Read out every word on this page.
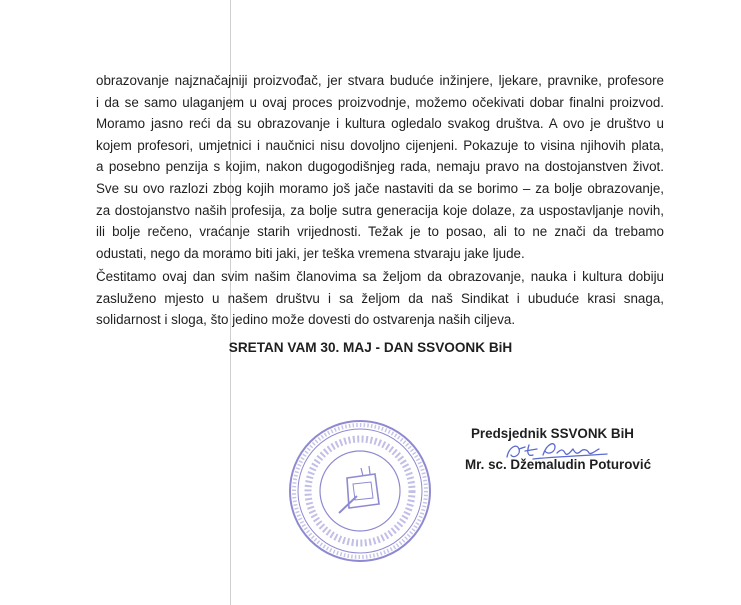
obrazovanje najznačajniji proizvođač, jer stvara buduće inžinjere, ljekare, pravnike, profesore
i da se samo ulaganjem u ovaj proces proizvodnje, možemo očekivati dobar finalni proizvod.
Moramo jasno reći da su obrazovanje i kultura ogledalo svakog društva. A ovo je društvo u
kojem profesori, umjetnici i naučnici nisu dovoljno cijenjeni. Pokazuje to visina njihovih plata,
a posebno penzija s kojim, nakon dugogodišnjeg rada, nemaju pravo na dostojanstven život.
Sve su ovo razlozi zbog kojih moramo još jače nastaviti da se borimo – za bolje obrazovanje,
za dostojanstvo naših profesija, za bolje sutra generacija koje dolaze, za uspostavljanje novih,
ili bolje rečeno, vraćanje starih vrijednosti. Težak je to posao, ali to ne znači da trebamo
odustati, nego da moramo biti jaki, jer teška vremena stvaraju jake ljude.
Čestitamo ovaj dan svim našim članovima sa željom da obrazovanje, nauka i kultura dobiju
zasluženo mjesto u našem društvu i sa željom da naš Sindikat i ubuduće krasi snaga,
solidarnost i sloga, što jedino može dovesti do ostvarenja naših ciljeva.
SRETAN VAM 30. MAJ - DAN SSVOONK BiH
Predsjednik SSVONK BiH
Mr. sc. Džemaludin Poturović
